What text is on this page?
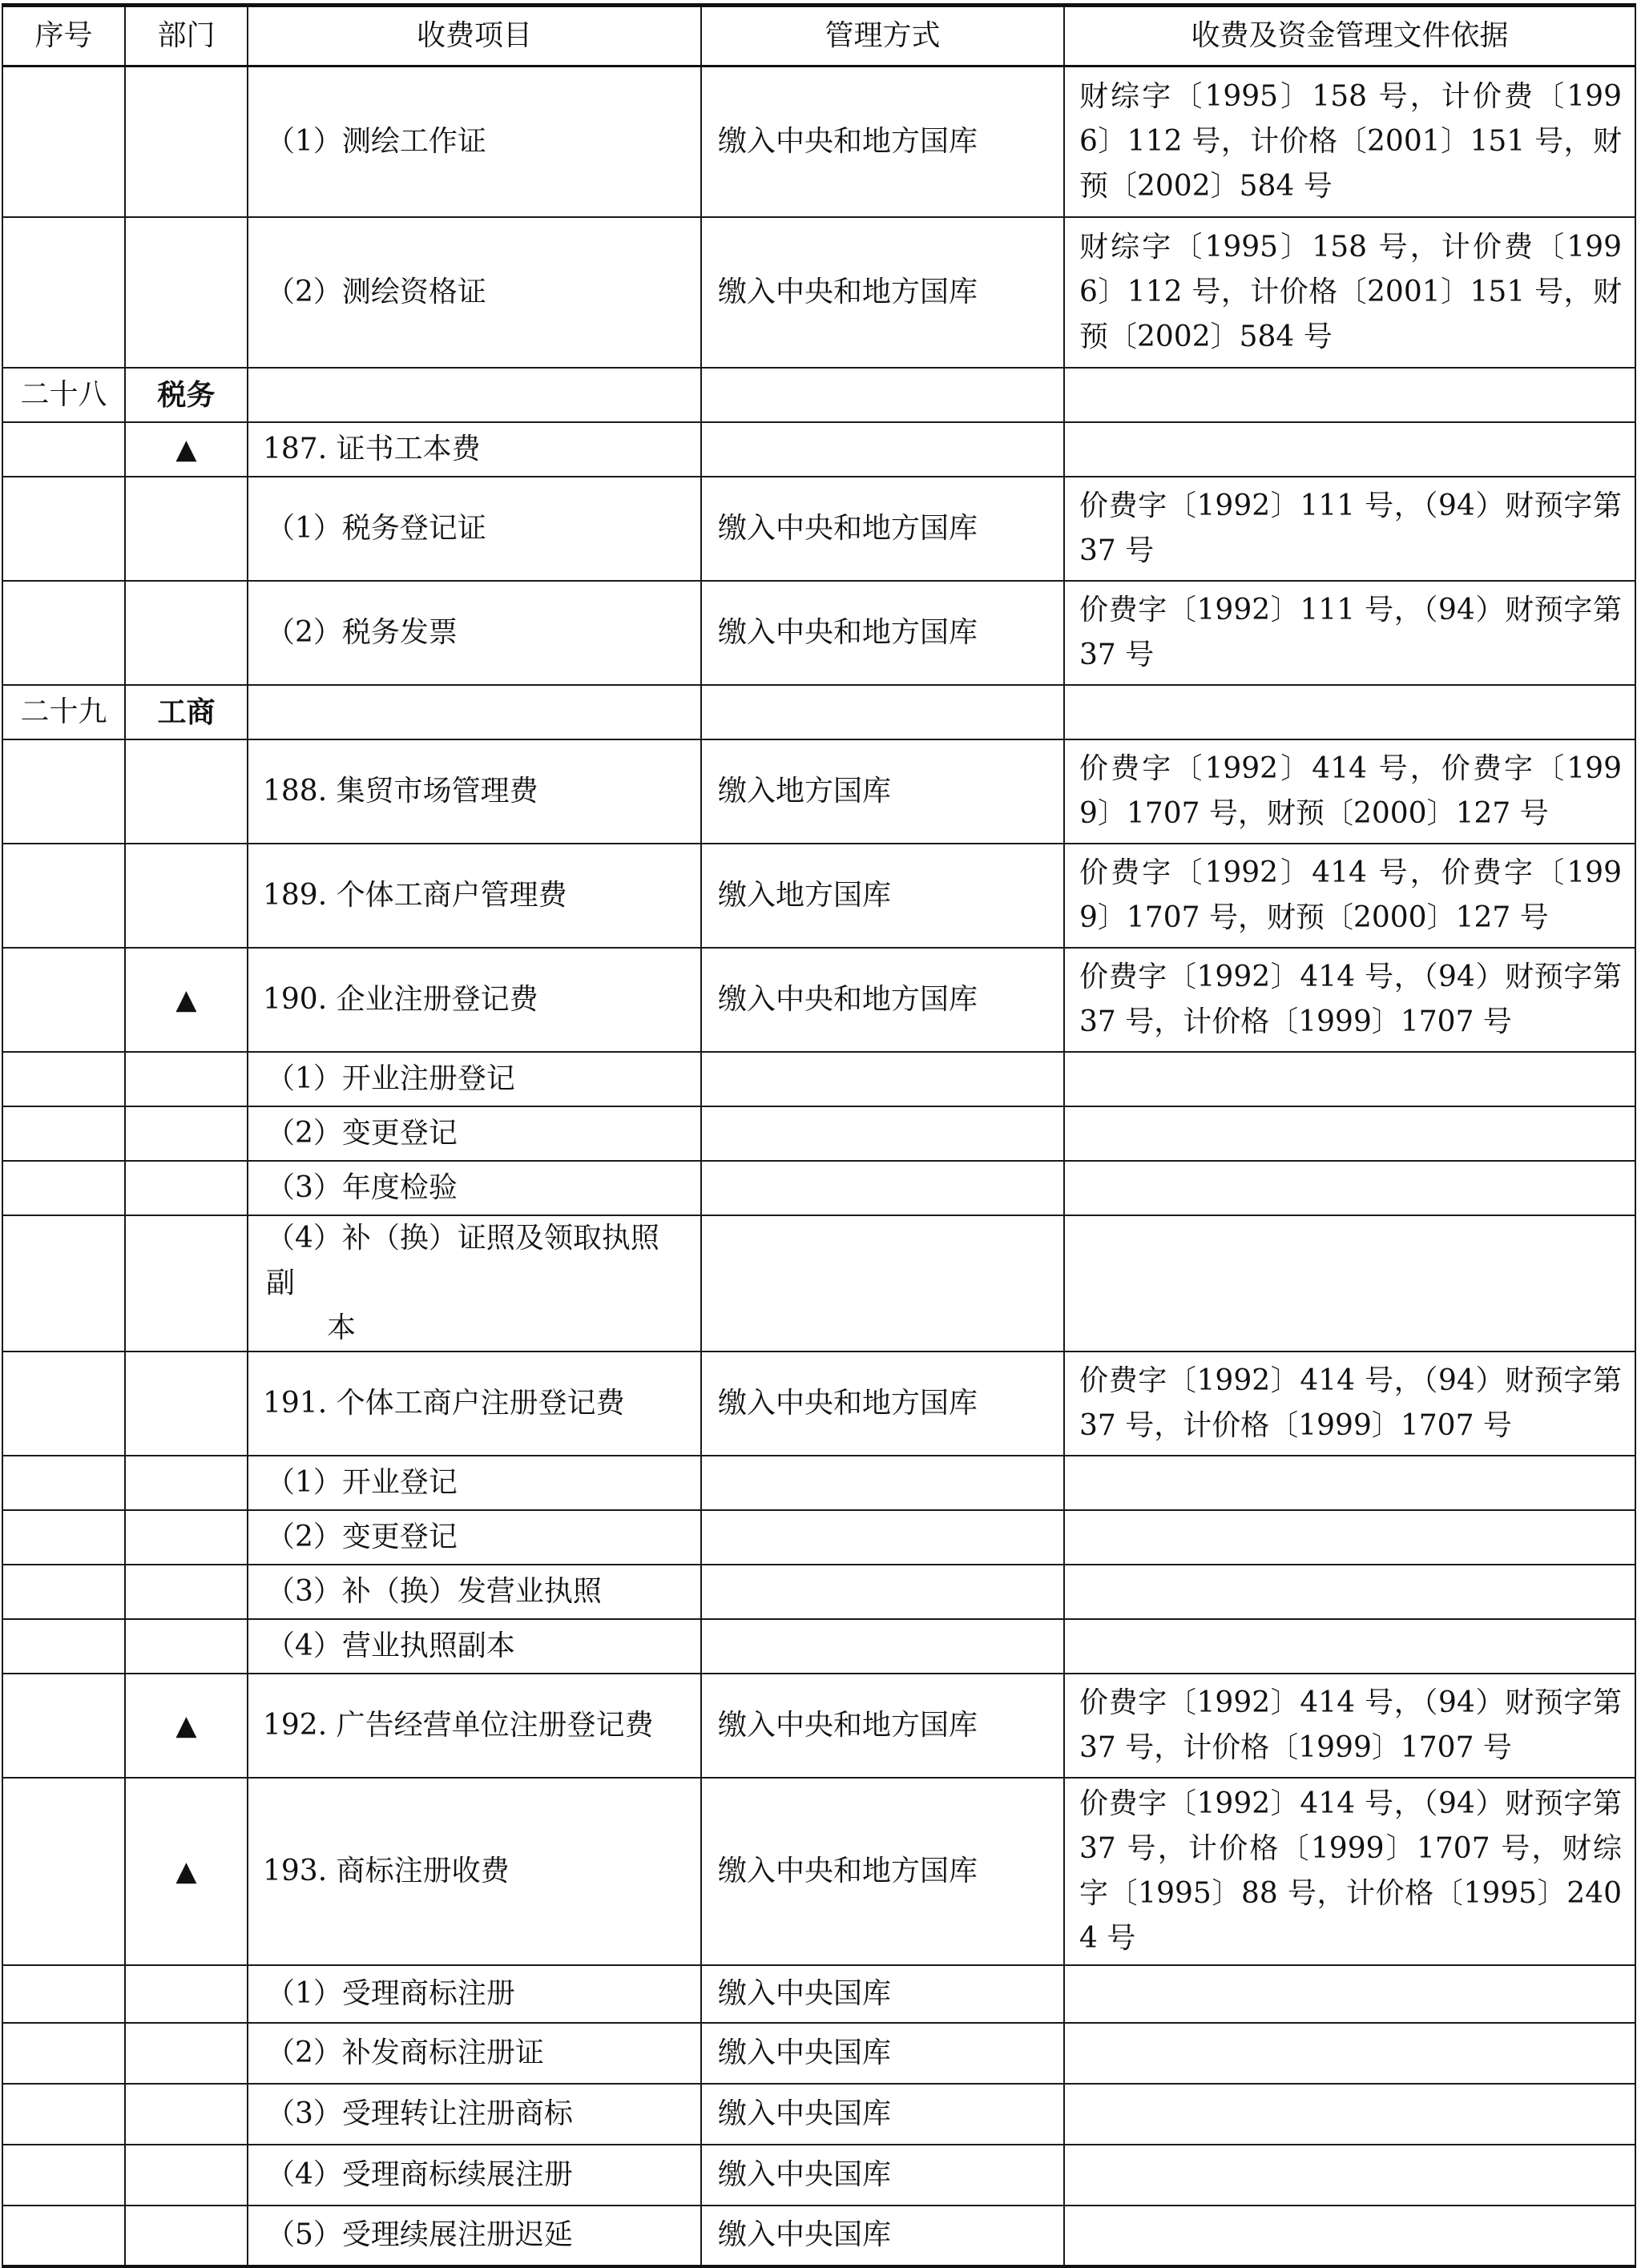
序号	部门	收费项目	管理方式	收费及资金管理文件依据
		（1）测绘工作证	缴入中央和地方国库	财综字〔1995〕158 号，计价费〔1996〕112 号，计价格〔2001〕151 号，财预〔2002〕584 号
		（2）测绘资格证	缴入中央和地方国库	财综字〔1995〕158 号，计价费〔1996〕112 号，计价格〔2001〕151 号，财预〔2002〕584 号
二十八	税务			
	▲	187. 证书工本费		
		（1）税务登记证	缴入中央和地方国库	价费字〔1992〕111 号，（94）财预字第 37 号
		（2）税务发票	缴入中央和地方国库	价费字〔1992〕111 号，（94）财预字第 37 号
二十九	工商			
		188. 集贸市场管理费	缴入地方国库	价费字〔1992〕414 号，价费字〔1999〕1707 号，财预〔2000〕127 号
		189. 个体工商户管理费	缴入地方国库	价费字〔1992〕414 号，价费字〔1999〕1707 号，财预〔2000〕127 号
	▲	190. 企业注册登记费	缴入中央和地方国库	价费字〔1992〕414 号，（94）财预字第 37 号，计价格〔1999〕1707 号
		（1）开业注册登记		
		（2）变更登记		
		（3）年度检验		
		（4）补（换）证照及领取执照副
本		

		191. 个体工商户注册登记费	缴入中央和地方国库	价费字〔1992〕414 号，（94）财预字第 37 号，计价格〔1999〕1707 号
		（1）开业登记		
		（2）变更登记		
		（3）补（换）发营业执照		
		（4）营业执照副本		
	▲	192. 广告经营单位注册登记费	缴入中央和地方国库	价费字〔1992〕414 号，（94）财预字第 37 号，计价格〔1999〕1707 号
	▲	193. 商标注册收费	缴入中央和地方国库	价费字〔1992〕414 号，（94）财预字第 37 号，计价格〔1999〕1707 号，财综字〔1995〕88 号，计价格〔1995〕2404 号
		（1）受理商标注册	缴入中央国库	
		（2）补发商标注册证	缴入中央国库	
		（3）受理转让注册商标	缴入中央国库	
		（4）受理商标续展注册	缴入中央国库	
		（5）受理续展注册迟延	缴入中央国库	
